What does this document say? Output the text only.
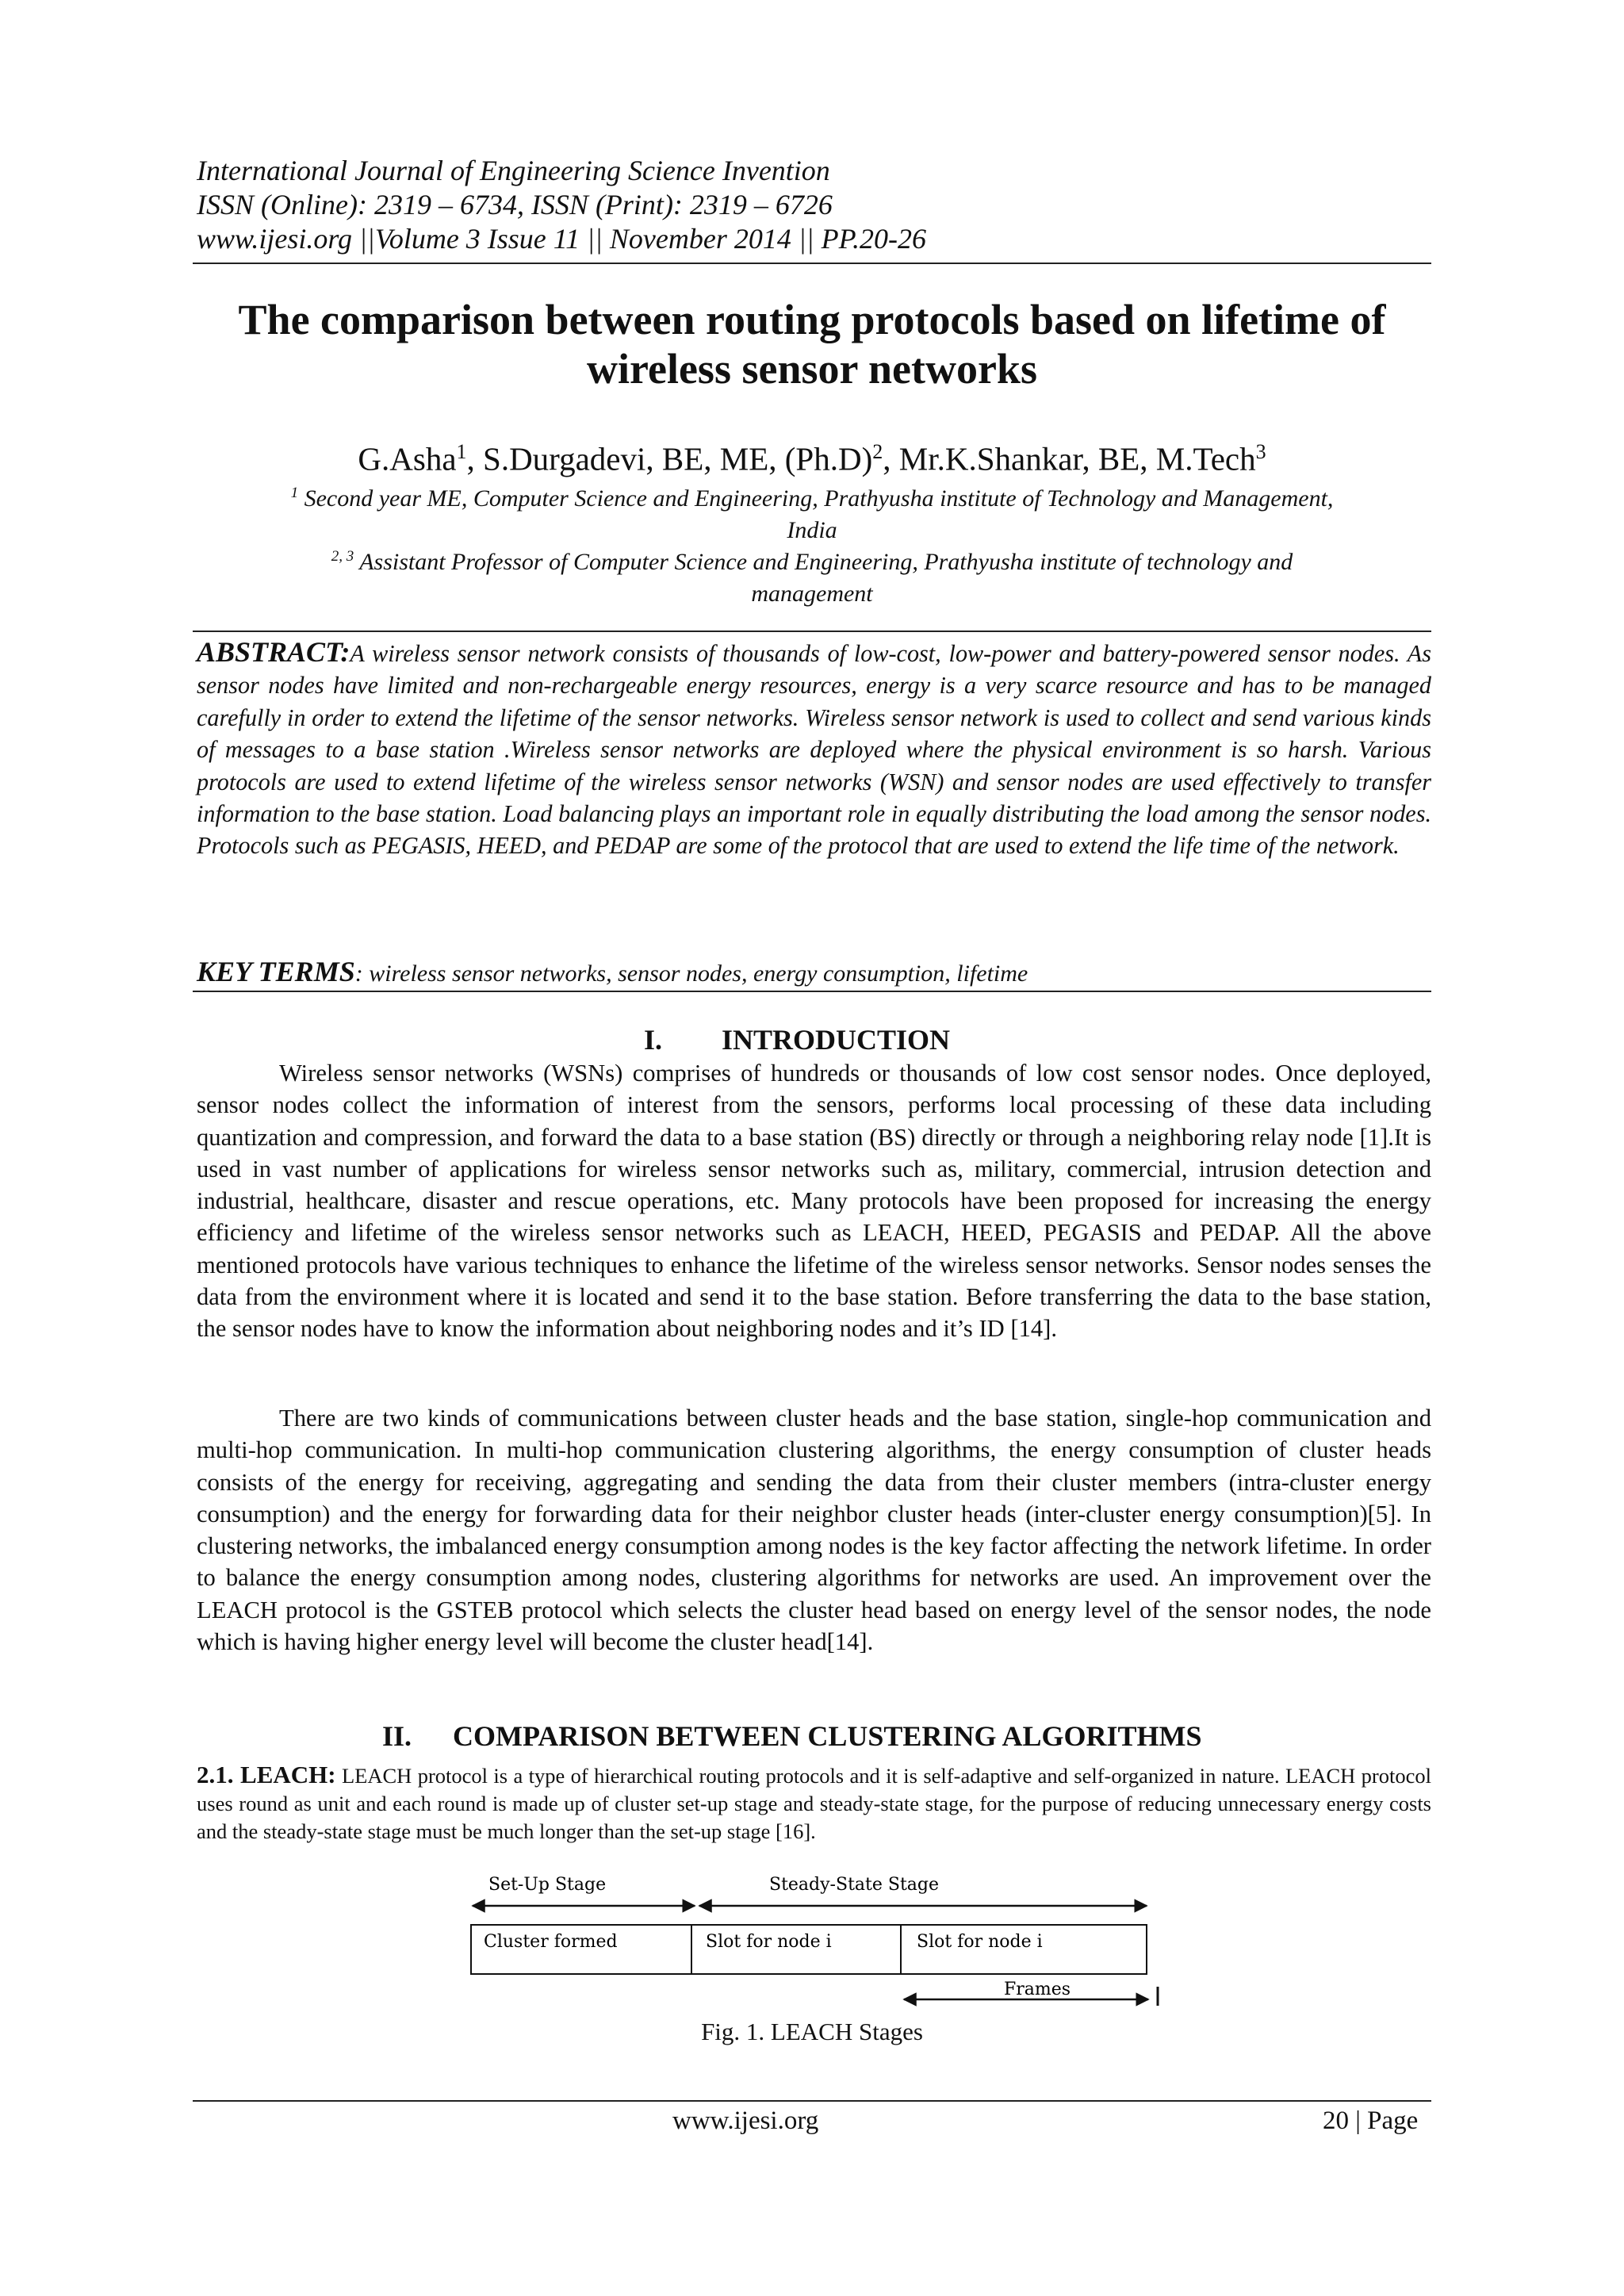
International Journal of Engineering Science Invention
ISSN (Online): 2319 – 6734, ISSN (Print): 2319 – 6726
www.ijesi.org ||Volume 3 Issue 11 || November 2014 || PP.20-26
The comparison between routing protocols based on lifetime of
wireless sensor networks
G.Asha$^1$, S.Durgadevi, BE, ME, $(Ph.D)^2$, Mr.K.Shankar, BE, M.Tech$^3$
$^1$ Second year ME, Computer Science and Engineering, Prathyusha institute of Technology and Management,
India
$^{2, 3}$ Assistant Professor of Computer Science and Engineering, Prathyusha institute of technology and
management
ABSTRACT:A wireless sensor network consists of thousands of low-cost, low-power and battery-powered sensor nodes. As sensor nodes have limited and non-rechargeable energy resources, energy is a very scarce resource and has to be managed carefully in order to extend the lifetime of the sensor networks. Wireless sensor network is used to collect and send various kinds of messages to a base station .Wireless sensor networks are deployed where the physical environment is so harsh. Various protocols are used to extend lifetime of the wireless sensor networks (WSN) and sensor nodes are used effectively to transfer information to the base station. Load balancing plays an important role in equally distributing the load among the sensor nodes. Protocols such as PEGASIS, HEED, and PEDAP are some of the protocol that are used to extend the life time of the network.
KEY TERMS: wireless sensor networks, sensor nodes, energy consumption, lifetime
I. INTRODUCTION

Wireless sensor networks (WSNs) comprises of hundreds or thousands of low cost sensor nodes. Once deployed, sensor nodes collect the information of interest from the sensors, performs local processing of these data including quantization and compression, and forward the data to a base station (BS) directly or through a neighboring relay node [1].It is used in vast number of applications for wireless sensor networks such as, military, commercial, intrusion detection and industrial, healthcare, disaster and rescue operations, etc. Many protocols have been proposed for increasing the energy efficiency and lifetime of the wireless sensor networks such as LEACH, HEED, PEGASIS and PEDAP. All the above mentioned protocols have various techniques to enhance the lifetime of the wireless sensor networks. Sensor nodes senses the data from the environment where it is located and send it to the base station. Before transferring the data to the base station, the sensor nodes have to know the information about neighboring nodes and it’s ID [14].

There are two kinds of communications between cluster heads and the base station, single-hop communication and multi-hop communication. In multi-hop communication clustering algorithms, the energy consumption of cluster heads consists of the energy for receiving, aggregating and sending the data from their cluster members (intra-cluster energy consumption) and the energy for forwarding data for their neighbor cluster heads (inter-cluster energy consumption)[5]. In clustering networks, the imbalanced energy consumption among nodes is the key factor affecting the network lifetime. In order to balance the energy consumption among nodes, clustering algorithms for networks are used. An improvement over the LEACH protocol is the GSTEB protocol which selects the cluster head based on energy level of the sensor nodes, the node which is having higher energy level will become the cluster head[14].

II. COMPARISON BETWEEN CLUSTERING ALGORITHMS
2.1. LEACH: LEACH protocol is a type of hierarchical routing protocols and it is self-adaptive and self-organized in nature. LEACH protocol uses round as unit and each round is made up of cluster set-up stage and steady-state stage, for the purpose of reducing unnecessary energy costs and the steady-state stage must be much longer than the set-up stage [16].
Set-Up Stage	Steady-State Stage
Cluster formed	Slot for node i	Slot for node i
Frames
Fig. 1. LEACH Stages
www.ijesi.org	20 | Page
